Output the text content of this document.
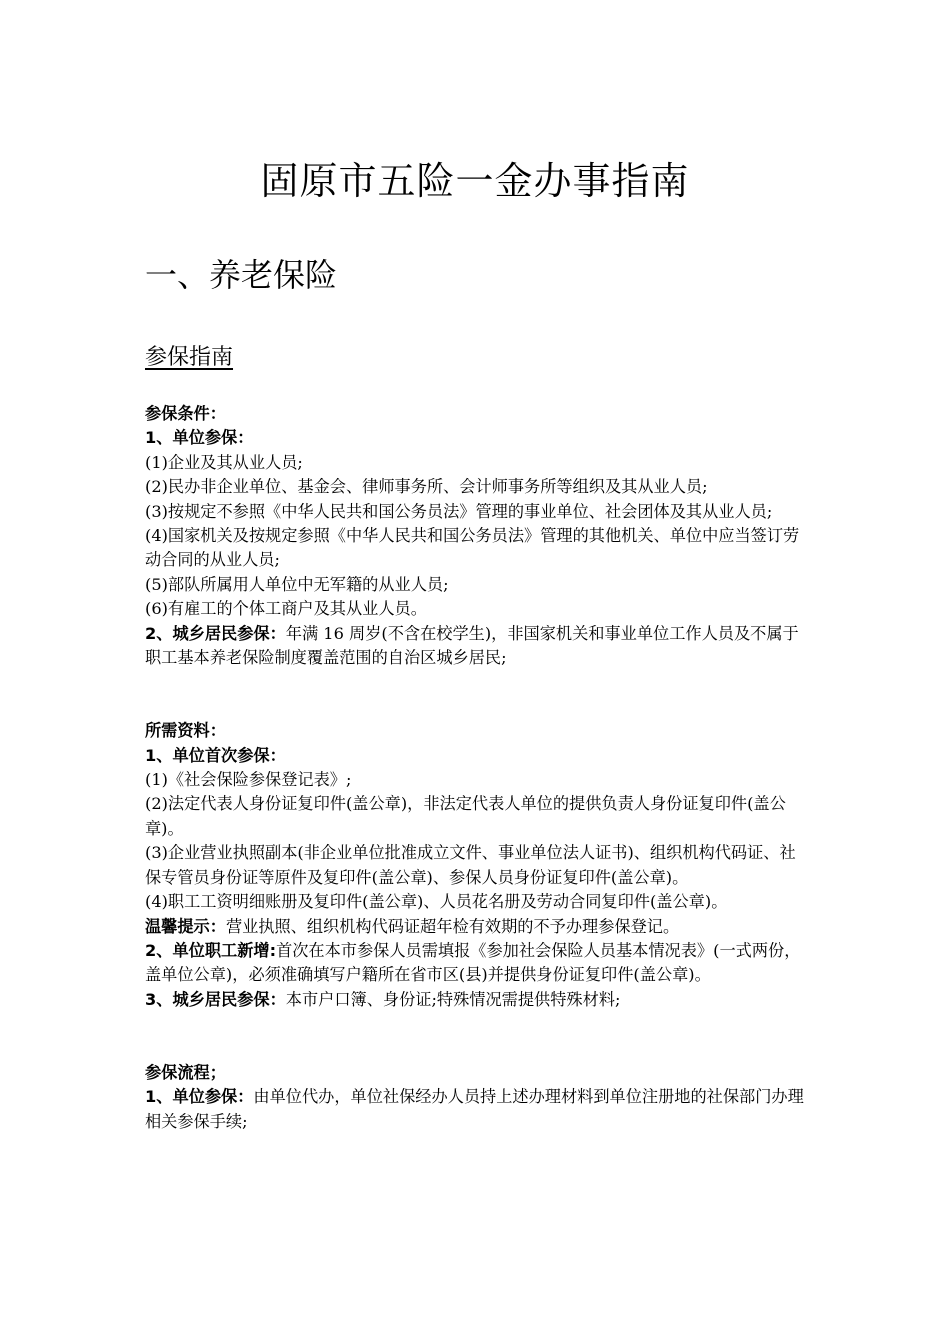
固原市五险一金办事指南
一、养老保险
参保指南

参保条件：

1、单位参保：

(1)企业及其从业人员;

(2)民办非企业单位、基金会、律师事务所、会计师事务所等组织及其从业人员;

(3)按规定不参照《中华人民共和国公务员法》管理的事业单位、社会团体及其从业人员;

(4)国家机关及按规定参照《中华人民共和国公务员法》管理的其他机关、单位中应当签订劳动合同的从业人员;

(5)部队所属用人单位中无军籍的从业人员;

(6)有雇工的个体工商户及其从业人员。

2、城乡居民参保：年满 16 周岁(不含在校学生)，非国家机关和事业单位工作人员及不属于职工基本养老保险制度覆盖范围的自治区城乡居民;

所需资料：

1、单位首次参保：

(1)《社会保险参保登记表》;

(2)法定代表人身份证复印件(盖公章)，非法定代表人单位的提供负责人身份证复印件(盖公章)。

(3)企业营业执照副本(非企业单位批准成立文件、事业单位法人证书)、组织机构代码证、社保专管员身份证等原件及复印件(盖公章)、参保人员身份证复印件(盖公章)。

(4)职工工资明细账册及复印件(盖公章)、人员花名册及劳动合同复印件(盖公章)。

温馨提示：营业执照、组织机构代码证超年检有效期的不予办理参保登记。

2、单位职工新增:首次在本市参保人员需填报《参加社会保险人员基本情况表》(一式两份，盖单位公章)，必须准确填写户籍所在省市区(县)并提供身份证复印件(盖公章)。

3、城乡居民参保：本市户口簿、身份证;特殊情况需提供特殊材料;

参保流程；

1、单位参保：由单位代办，单位社保经办人员持上述办理材料到单位注册地的社保部门办理相关参保手续;
